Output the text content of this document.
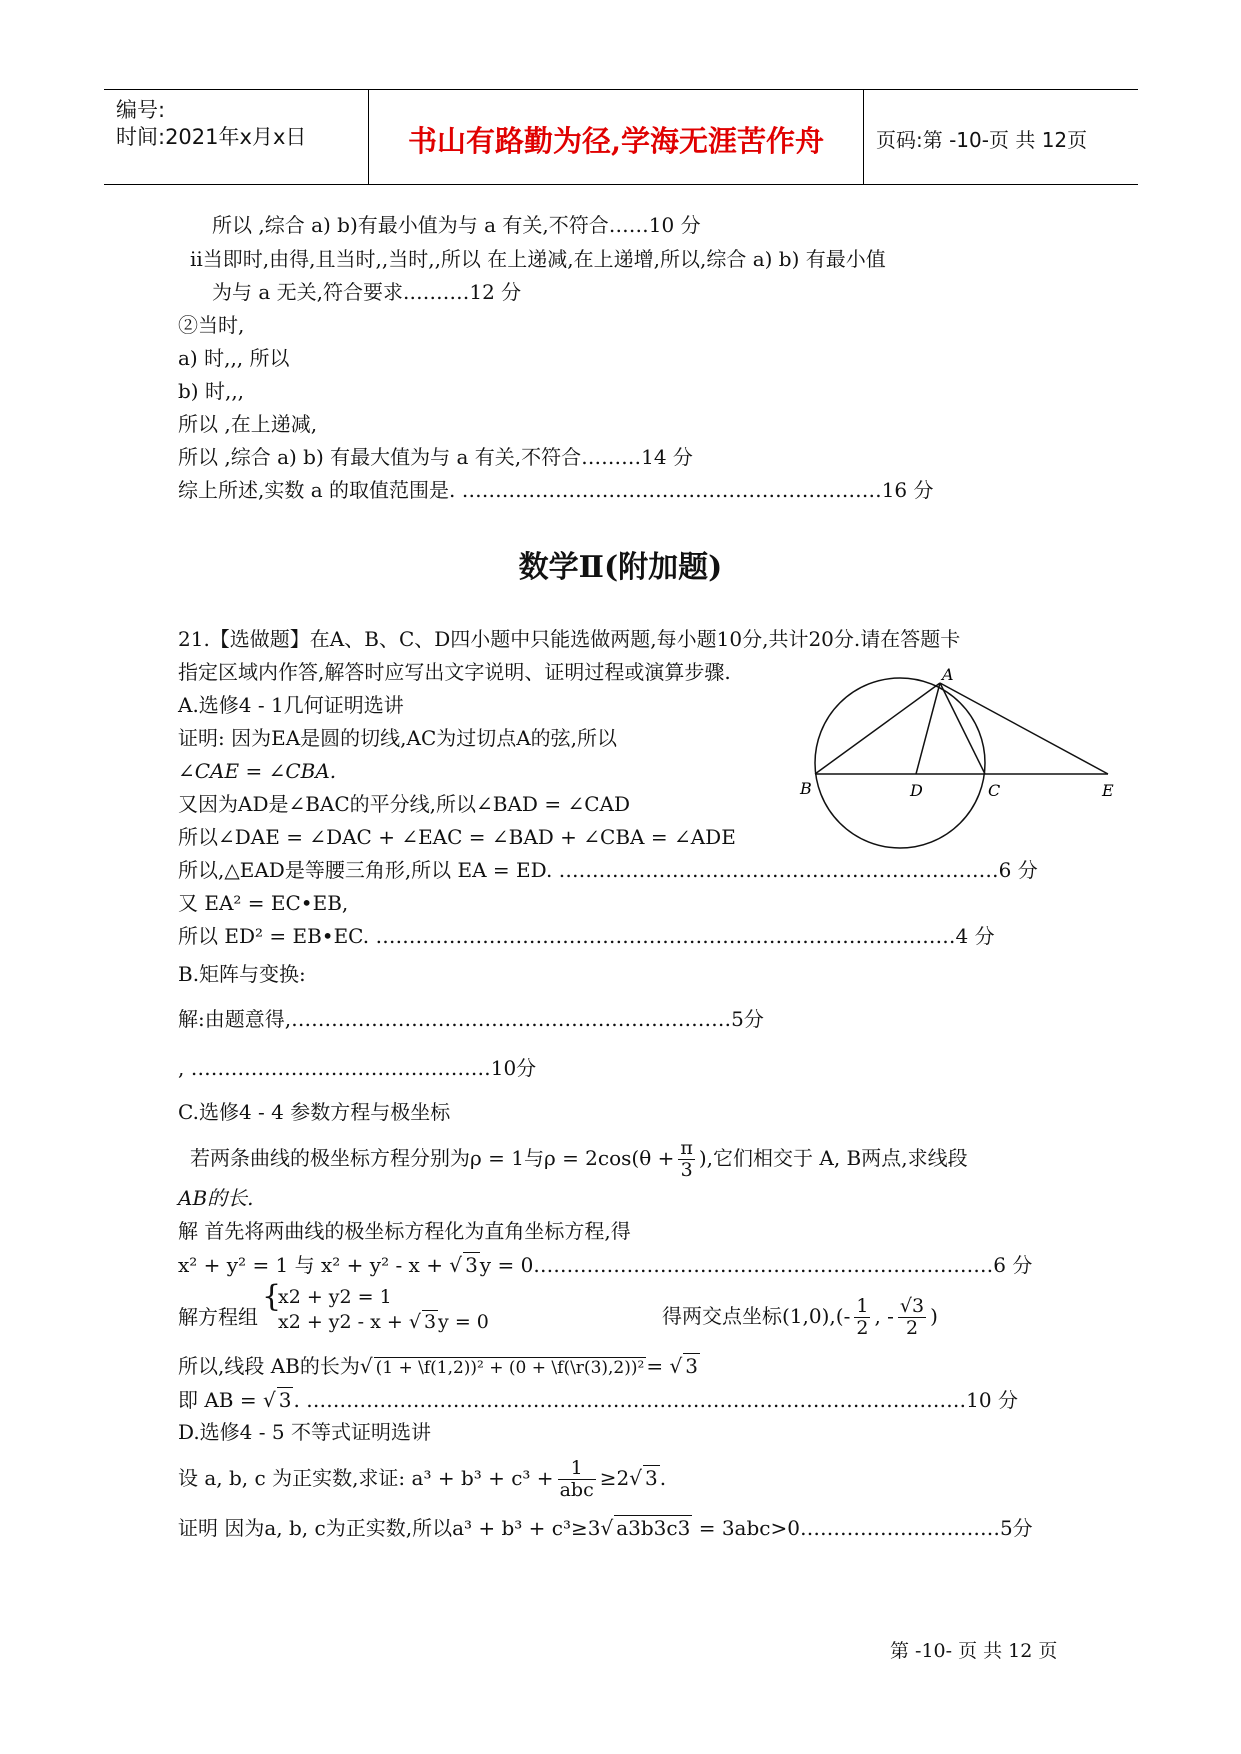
编号:
时间:2021年x月x日	书山有路勤为径,学海无涯苦作舟	页码:第 -10-页 共 12页
所以 ,综合 a) b)有最小值为与 a 有关,不符合……10 分
ⅱ当即时,由得,且当时,,当时,,所以 在上递减,在上递增,所以,综合 a) b) 有最小值
为与 a 无关,符合要求.………12 分
②当时,
a) 时,,, 所以
b) 时,,,
所以 ,在上递减,
所以 ,综合 a) b) 有最大值为与 a 有关,不符合………14 分
综上所述,实数 a 的取值范围是. ………………………………………………………16 分
数学Ⅱ(附加题)
21.【选做题】在A、B、C、D四小题中只能选做两题,每小题10分,共计20分.请在答题卡
指定区域内作答,解答时应写出文字说明、证明过程或演算步骤.
A.选修4 - 1几何证明选讲
证明: 因为EA是圆的切线,AC为过切点A的弦,所以
∠CAE = ∠CBA.
又因为AD是∠BAC的平分线,所以∠BAD = ∠CAD
所以∠DAE = ∠DAC + ∠EAC = ∠BAD + ∠CBA = ∠ADE
所以,△EAD是等腰三角形,所以 EA = ED. …………………………………………………………6 分
又 EA² = EC•EB,
所以 ED² = EB•EC. ……………………………………………………………………………4 分
A
B	D	C	E
B.矩阵与变换:
解:由题意得,…………………………………………………………5分
, ………………………………………10分
C.选修4 - 4 参数方程与极坐标
若两条曲线的极坐标方程分别为ρ = 1与$\rho = 2\cos(\theta + \frac{\pi}{3}$ ),它们相交于 A, B两点,求线段
AB的长.
解 首先将两曲线的极坐标方程化为直角坐标方程,得
x² + y² = 1 与 x² + y² - x + √ 3 y = 0……………………………………………………………6 分
解方程组
{
x2 + y2 = 1
x2 + y2 - x + √ 3 y = 0	得两交点坐标$(1,0),(- \frac{1}{2}$ , - $\frac{√3}{2}$ )
所以,线段 AB的长为√ (1 + \f(1,2))² + (0 + \f(\r(3),2))² = √ 3
即 AB = √ 3 . ………………………………………………………………………………………10 分
D.选修4 - 5 不等式证明选讲
设 a, b, c 为正实数,求证: $a^3 + b^3 + c^3 + \frac{1}{\text{abc}} \ge 2√$ 3 .
证明 因为a, b, c为正实数,所以a³ + b³ + c³≥3√ a3b3c3 = 3abc>0…………………………5分
第 -10- 页 共 12 页
